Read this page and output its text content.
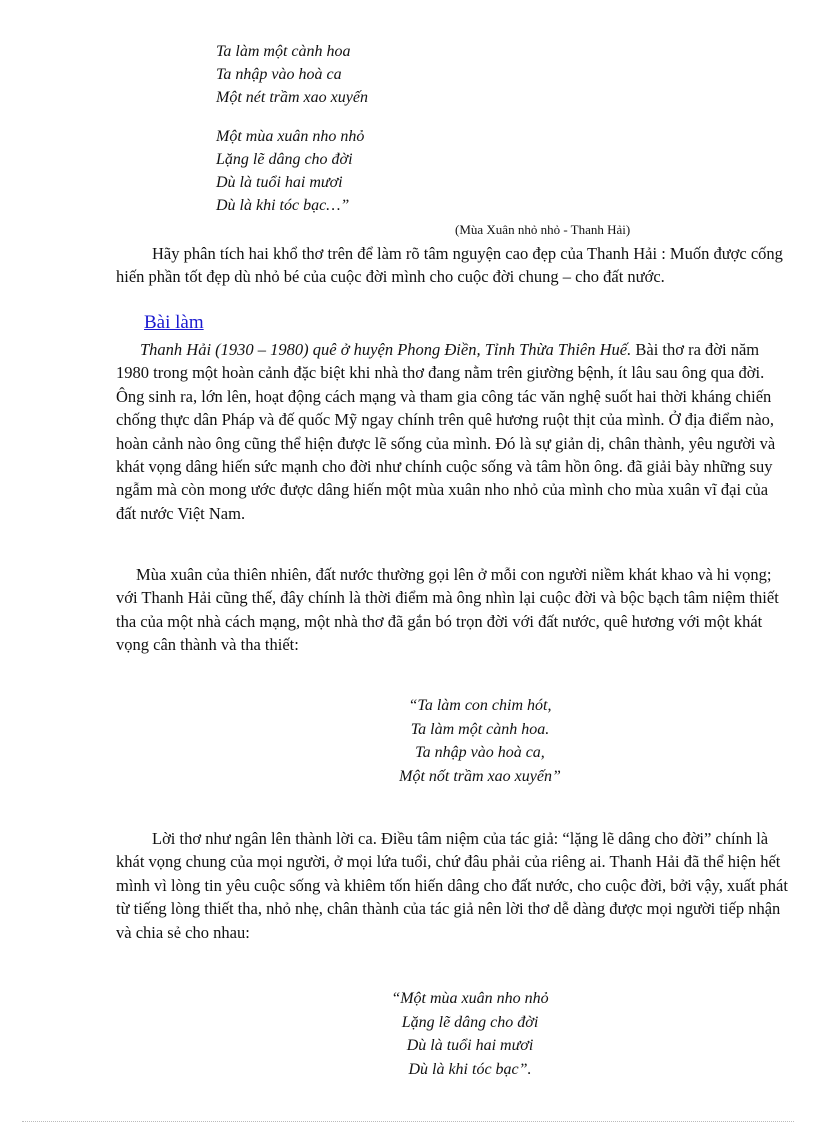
Ta làm một cành hoa
Ta nhập vào hoà ca
Một nét trầm xao xuyến
Một mùa xuân nho nhỏ
Lặng lẽ dâng cho đời
Dù là tuổi hai mươi
Dù là khi tóc bạc…”
(Mùa Xuân nhỏ nhỏ - Thanh Hải)
Hãy phân tích hai khổ thơ trên để làm rõ tâm nguyện cao đẹp của Thanh Hải : Muốn được cống hiến phần tốt đẹp dù nhỏ bé của cuộc đời mình cho cuộc đời chung – cho đất nước.
Bài làm
Thanh Hải (1930 – 1980) quê ở huyện Phong Điền, Tỉnh Thừa Thiên Huế. Bài thơ ra đời năm 1980 trong một hoàn cảnh đặc biệt khi nhà thơ đang nằm trên giường bệnh, ít lâu sau ông qua đời. Ông sinh ra, lớn lên, hoạt động cách mạng và tham gia công tác văn nghệ suốt hai thời kháng chiến chống thực dân Pháp và đế quốc Mỹ ngay chính trên quê hương ruột thịt của mình. Ở địa điểm nào, hoàn cảnh nào ông cũng thể hiện được lẽ sống của mình. Đó là sự giản dị, chân thành, yêu người và khát vọng dâng hiến sức mạnh cho đời như chính cuộc sống và tâm hồn ông. đã giải bày những suy ngẫm mà còn mong ước được dâng hiến một mùa xuân nho nhỏ của mình cho mùa xuân vĩ đại của đất nước Việt Nam.
Mùa xuân của thiên nhiên, đất nước thường gọi lên ở mỗi con người niềm khát khao và hi vọng; với Thanh Hải cũng thế, đây chính là thời điểm mà ông nhìn lại cuộc đời và bộc bạch tâm niệm thiết tha của một nhà cách mạng, một nhà thơ đã gắn bó trọn đời với đất nước, quê hương với một khát vọng cân thành và tha thiết:
“Ta làm con chim hót,
Ta làm một cành hoa.
Ta nhập vào hoà ca,
Một nốt trầm xao xuyến”
Lời thơ như ngân lên thành lời ca. Điều tâm niệm của tác giả: “lặng lẽ dâng cho đời” chính là khát vọng chung của mọi người, ở mọi lứa tuổi, chứ đâu phải của riêng ai. Thanh Hải đã thể hiện hết mình vì lòng tin yêu cuộc sống và khiêm tốn hiến dâng cho đất nước, cho cuộc đời, bởi vậy, xuất phát từ tiếng lòng thiết tha, nhỏ nhẹ, chân thành của tác giả nên lời thơ dễ dàng được mọi người tiếp nhận và chia sẻ cho nhau:
“Một mùa xuân nho nhỏ
Lặng lẽ dâng cho đời
Dù là tuổi hai mươi
Dù là khi tóc bạc”.
